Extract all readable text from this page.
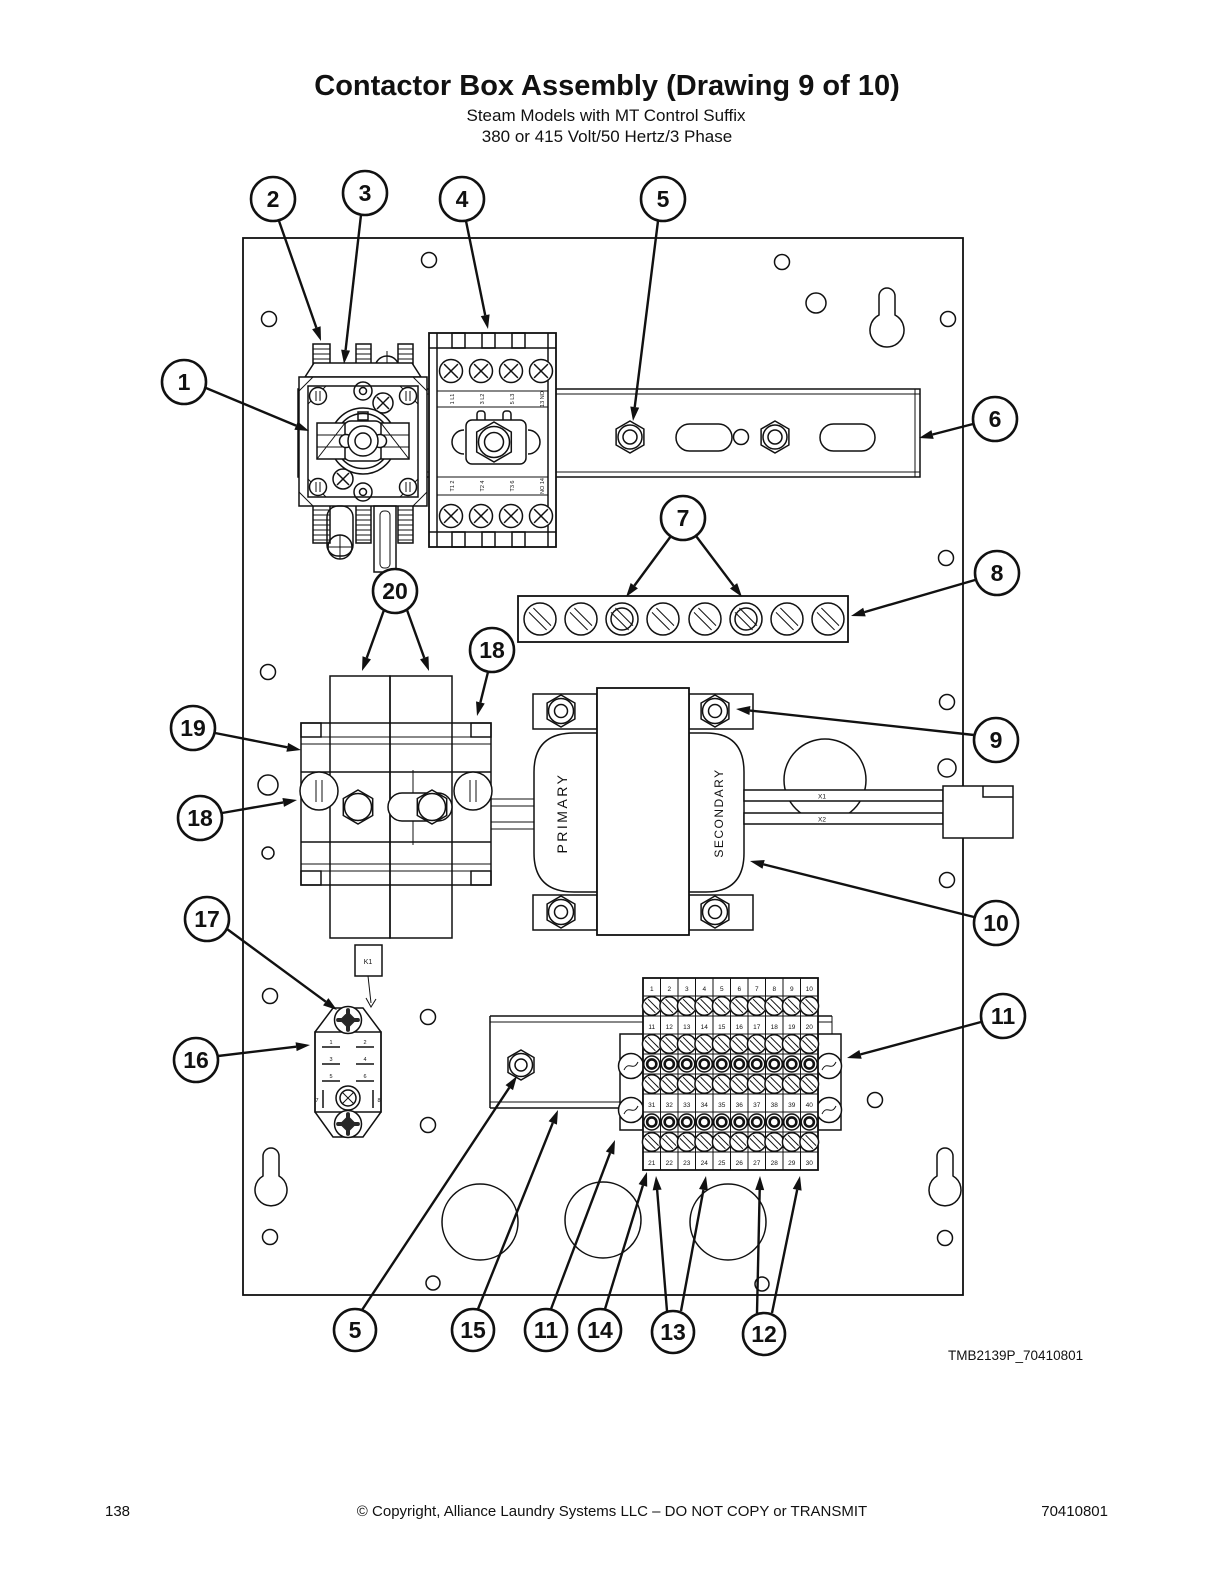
Contactor Box Assembly (Drawing 9 of 10)
Steam Models with MT Control Suffix
380 or 415 Volt/50 Hertz/3 Phase
1 L1	3 L2	5 L3	13 NO
T1 2	T2 4	T3 6	NO 14
PRIMARY	SECONDARY	X1
X2
K1
1	2
3	4
5	6
7	8
1 2 3 4 5 6 7 8 9 10
11 12 13 14 15 16 17 18 19 20
31 32 33 34 35 36 37 38 39 40
21 22 23 24 25 26 27 28 29 30
1
2	3	4	5
6
7
8
9
10
11
20
18
19
18
17
16
5	15 11 14 13	12
TMB2139P_70410801
138	© Copyright, Alliance Laundry Systems LLC – DO NOT COPY or TRANSMIT	70410801
